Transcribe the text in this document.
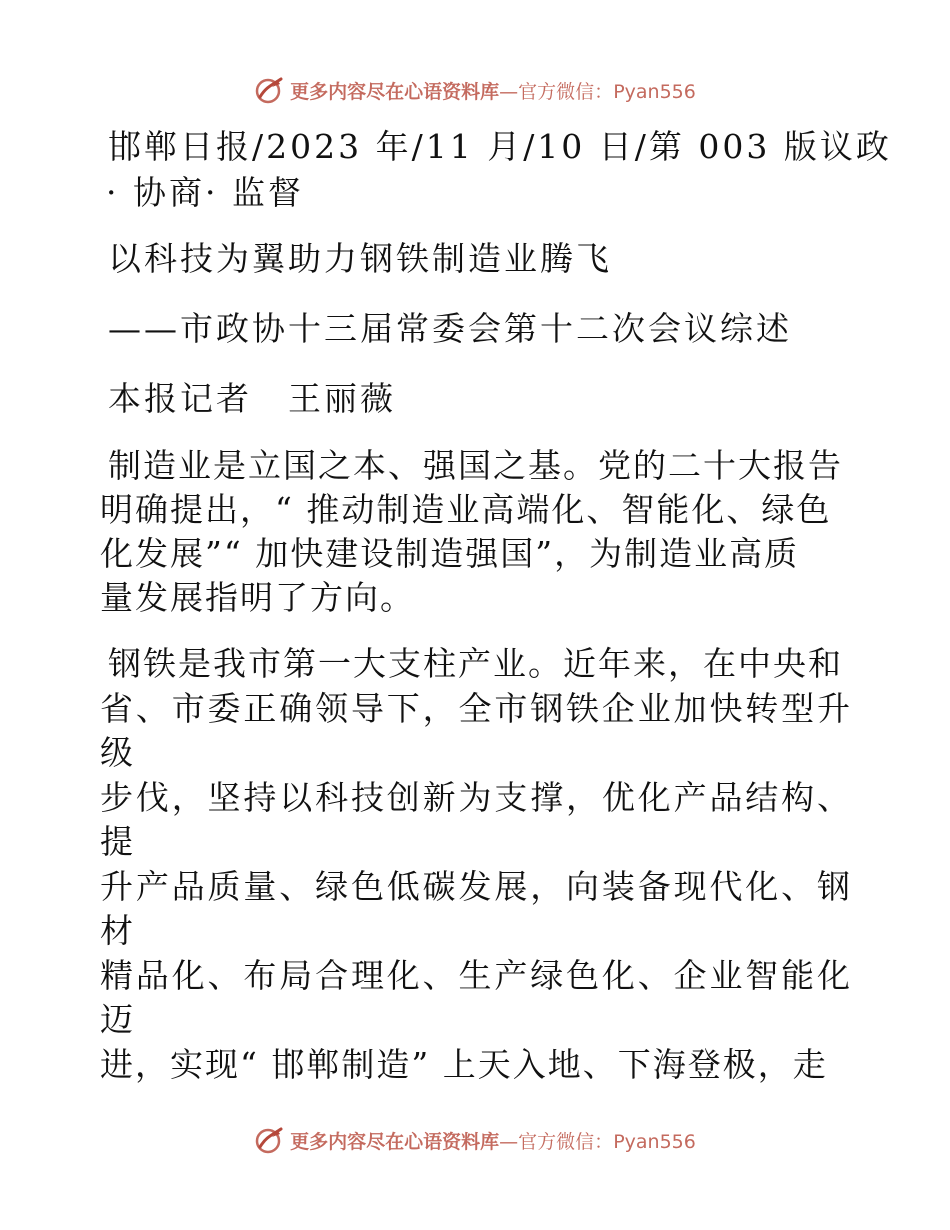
更多内容尽在心语资料库—官方微信：Pyan556

邯郸日报/2023 年/11 月/10 日/第 003 版议政

· 协商· 监督

以科技为翼助力钢铁制造业腾飞

——市政协十三届常委会第十二次会议综述

本报记者　王丽薇

制造业是立国之本、强国之基。党的二十大报告
明确提出，“ 推动制造业高端化、智能化、绿色
化发展”“ 加快建设制造强国”，为制造业高质
量发展指明了方向。
钢铁是我市第一大支柱产业。近年来，在中央和
省、市委正确领导下，全市钢铁企业加快转型升级
步伐，坚持以科技创新为支撑，优化产品结构、提
升产品质量、绿色低碳发展，向装备现代化、钢材
精品化、布局合理化、生产绿色化、企业智能化迈
进，实现“ 邯郸制造” 上天入地、下海登极，走
更多内容尽在心语资料库—官方微信：Pyan556
